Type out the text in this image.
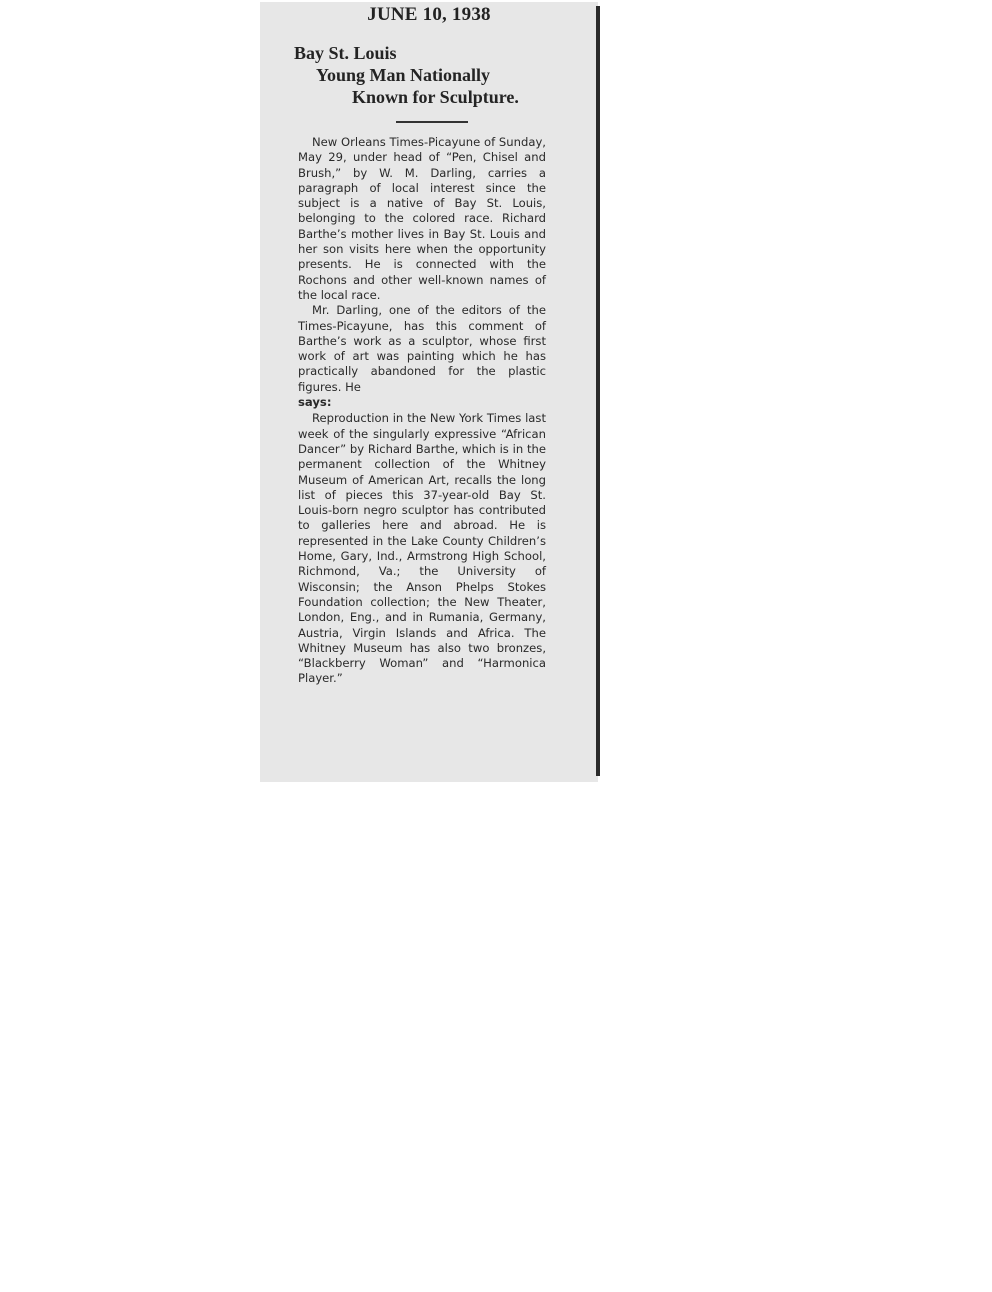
JUNE 10, 1938
Bay St. Louis
Young Man Nationally
Known for Sculpture.

New Orleans Times-Picayune of Sunday, May 29, under head of “Pen, Chisel and Brush,” by W. M. Darling, carries a paragraph of local interest since the subject is a native of Bay St. Louis, belonging to the colored race. Richard Barthe’s mother lives in Bay St. Louis and her son visits here when the opportunity presents. He is connected with the Rochons and other well-known names of the local race.

Mr. Darling, one of the editors of the Times-Picayune, has this comment of Barthe’s work as a sculptor, whose first work of art was painting which he has practically abandoned for the plastic figures. He

says:

Reproduction in the New York Times last week of the singularly expressive “African Dancer” by Richard Barthe, which is in the permanent collection of the Whitney Museum of American Art, recalls the long list of pieces this 37-year-old Bay St. Louis-born negro sculptor has contributed to galleries here and abroad. He is represented in the Lake County Children’s Home, Gary, Ind., Armstrong High School, Richmond, Va.; the University of Wisconsin; the Anson Phelps Stokes Foundation collection; the New Theater, London, Eng., and in Rumania, Germany, Austria, Virgin Islands and Africa. The Whitney Museum has also two bronzes, “Blackberry Woman” and “Harmonica Player.”
